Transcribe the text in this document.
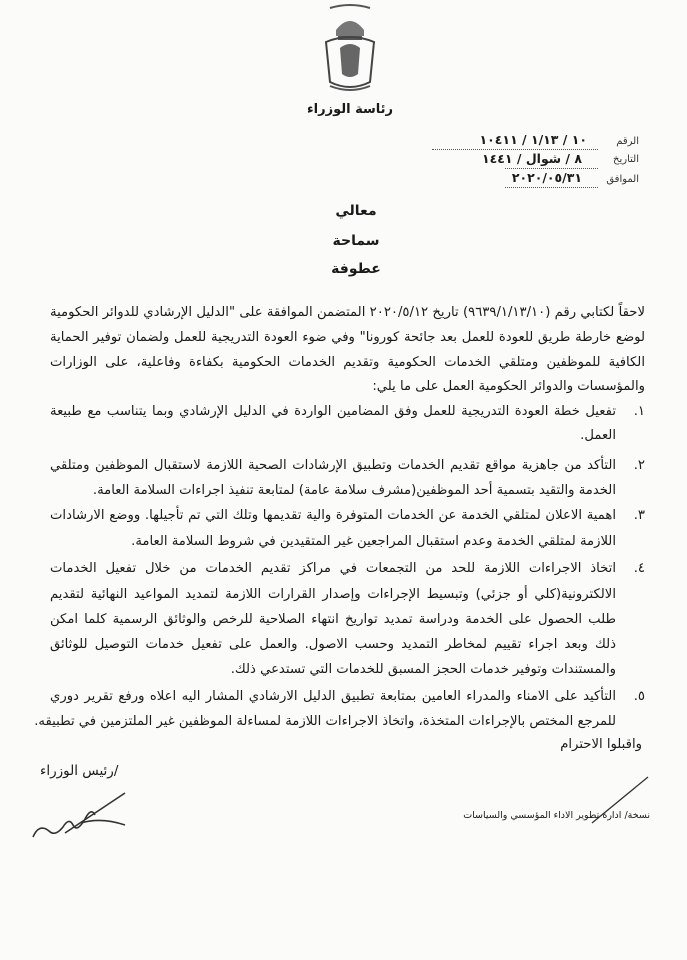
رئاسة الوزراء
الرقم
١٠ / ١/١٣ / ١٠٤١١
التاريخ
٨ / شوال / ١٤٤١
الموافق
٢٠٢٠/٠٥/٣١
معالي
سماحة
عطوفة
لاحقاً لكتابي رقم (٩٦٣٩/١/١٣/١٠) تاريخ ٢٠٢٠/٥/١٢ المتضمن الموافقة على "الدليل الإرشادي للدوائر الحكومية
لوضع خارطة طريق للعودة للعمل بعد جائحة كورونا" وفي ضوء العودة التدريجية للعمل ولضمان توفير الحماية
الكافية للموظفين ومتلقي الخدمات الحكومية وتقديم الخدمات الحكومية بكفاءة وفاعلية، على الوزارات
والمؤسسات والدوائر الحكومية العمل على ما يلي:
١.
تفعيل خطة العودة التدريجية للعمل وفق المضامين الواردة في الدليل الإرشادي وبما يتناسب مع طبيعة
العمل.
٢.
التأكد من جاهزية مواقع تقديم الخدمات وتطبيق الإرشادات الصحية اللازمة لاستقبال الموظفين ومتلقي
الخدمة والتقيد بتسمية أحد الموظفين(مشرف سلامة عامة) لمتابعة تنفيذ اجراءات السلامة العامة.
٣.
اهمية الاعلان لمتلقي الخدمة عن الخدمات المتوفرة والية تقديمها وتلك التي تم تأجيلها. ووضع الارشادات
اللازمة لمتلقي الخدمة وعدم استقبال المراجعين غير المتقيدين في شروط السلامة العامة.
٤.
اتخاذ الاجراءات اللازمة للحد من التجمعات في مراكز تقديم الخدمات من خلال تفعيل الخدمات
الالكترونية(كلي أو جزئي) وتبسيط الإجراءات وإصدار القرارات اللازمة لتمديد المواعيد النهائية لتقديم
طلب الحصول على الخدمة ودراسة تمديد تواريخ انتهاء الصلاحية للرخص والوثائق الرسمية كلما امكن
ذلك وبعد اجراء تقييم لمخاطر التمديد وحسب الاصول. والعمل على تفعيل خدمات التوصيل للوثائق
والمستندات وتوفير خدمات الحجز المسبق للخدمات التي تستدعي ذلك.
٥.
التأكيد على الامناء والمدراء العامين بمتابعة تطبيق الدليل الارشادي المشار اليه اعلاه ورفع تقرير دوري
للمرجع المختص بالإجراءات المتخذة، واتخاذ الاجراءات اللازمة لمساءلة الموظفين غير الملتزمين في تطبيقه.
واقبلوا الاحترام
/رئيس الوزراء
نسخة/ ادارة تطوير الاداء المؤسسي والسياسات
